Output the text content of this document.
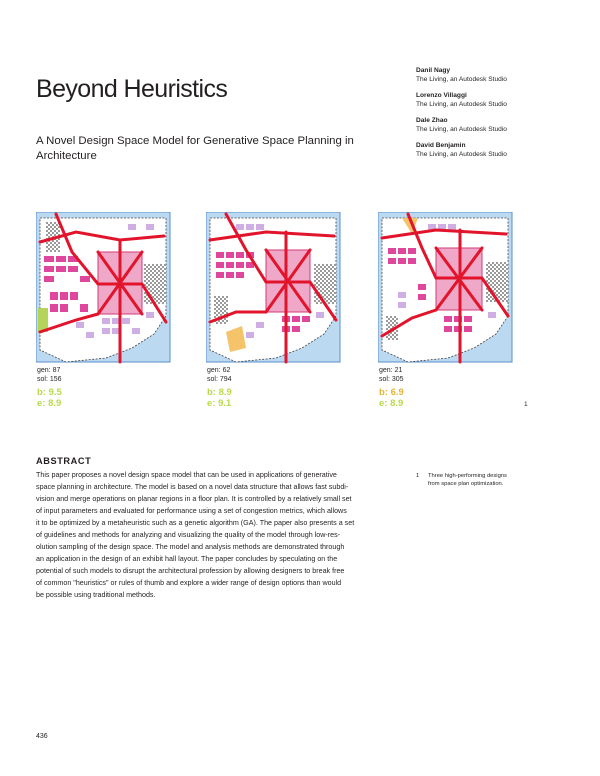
Beyond Heuristics
A Novel Design Space Model for Generative Space Planning in Architecture
Danil Nagy
The Living, an Autodesk Studio
Lorenzo Villaggi
The Living, an Autodesk Studio
Dale Zhao
The Living, an Autodesk Studio
David Benjamin
The Living, an Autodesk Studio
gen: 87
sol: 156
b: 9.5
e: 8.9
gen: 62
sol: 794
b: 8.9
e: 9.1
gen: 21
sol: 305
b: 6.9
e: 8.9	1
ABSTRACT
This paper proposes a novel design space model that can be used in applications of generative
space planning in architecture. The model is based on a novel data structure that allows fast subdi-
vision and merge operations on planar regions in a floor plan. It is controlled by a relatively small set
of input parameters and evaluated for performance using a set of congestion metrics, which allows
it to be optimized by a metaheuristic such as a genetic algorithm (GA). The paper also presents a set
of guidelines and methods for analyzing and visualizing the quality of the model through low-res-
olution sampling of the design space. The model and analysis methods are demonstrated through
an application in the design of an exhibit hall layout. The paper concludes by speculating on the
potential of such models to disrupt the architectural profession by allowing designers to break free
of common "heuristics" or rules of thumb and explore a wider range of design options than would
be possible using traditional methods.
1 Three high-performing designs
from space plan optimization.
436
